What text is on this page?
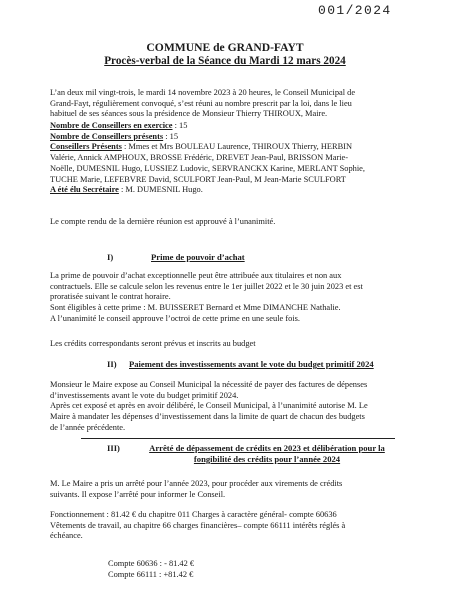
001/2024
COMMUNE de GRAND-FAYT
Procès-verbal de la Séance du Mardi 12 mars 2024
L’an deux mil vingt-trois, le mardi 14 novembre 2023 à 20 heures, le Conseil Municipal de
Grand-Fayt, régulièrement convoqué, s’est réuni au nombre prescrit par la loi, dans le lieu
habituel de ses séances sous la présidence de Monsieur Thierry THIROUX, Maire.
Nombre de Conseillers en exercice : 15
Nombre de Conseillers présents : 15
Conseillers Présents : Mmes et Mrs BOULEAU Laurence, THIROUX Thierry, HERBIN
Valérie, Annick AMPHOUX, BROSSE Frédéric, DREVET Jean-Paul, BRISSON Marie-
Noëlle, DUMESNIL Hugo, LUSSIEZ Ludovic, SERVRANCKX Karine, MERLANT Sophie,
TUCHE Marie, LEFEBVRE David, SCULFORT Jean-Paul, M Jean-Marie SCULFORT
A été élu Secrétaire : M. DUMESNIL Hugo.
Le compte rendu de la dernière réunion est approuvé à l’unanimité.
I)	Prime de pouvoir d’achat
La prime de pouvoir d’achat exceptionnelle peut être attribuée aux titulaires et non aux
contractuels. Elle se calcule selon les revenus entre le 1er juillet 2022 et le 30 juin 2023 et est
proratisée suivant le contrat horaire.
Sont éligibles à cette prime : M. BUISSERET Bernard et Mme DIMANCHE Nathalie.
A l’unanimité le conseil approuve l’octroi de cette prime en une seule fois.
Les crédits correspondants seront prévus et inscrits au budget
II) Paiement des investissements avant le vote du budget primitif 2024
Monsieur le Maire expose au Conseil Municipal la nécessité de payer des factures de dépenses
d’investissements avant le vote du budget primitif 2024.
Après cet exposé et après en avoir délibéré, le Conseil Municipal, à l’unanimité autorise M. Le
Maire à mandater les dépenses d’investissement dans la limite de quart de chacun des budgets
de l’année précédente.
III)	Arrêté de dépassement de crédits en 2023 et délibération pour la
fongibilité des crédits pour l’année 2024
M. Le Maire a pris un arrêté pour l’année 2023, pour procéder aux virements de crédits
suivants. Il expose l’arrêté pour informer le Conseil.
Fonctionnement : 81.42 € du chapitre 011 Charges à caractère général- compte 60636
Vêtements de travail, au chapitre 66 charges financières– compte 66111 intérêts réglés à
échéance.
Compte 60636 : - 81.42 €
Compte 66111 : +81.42 €
